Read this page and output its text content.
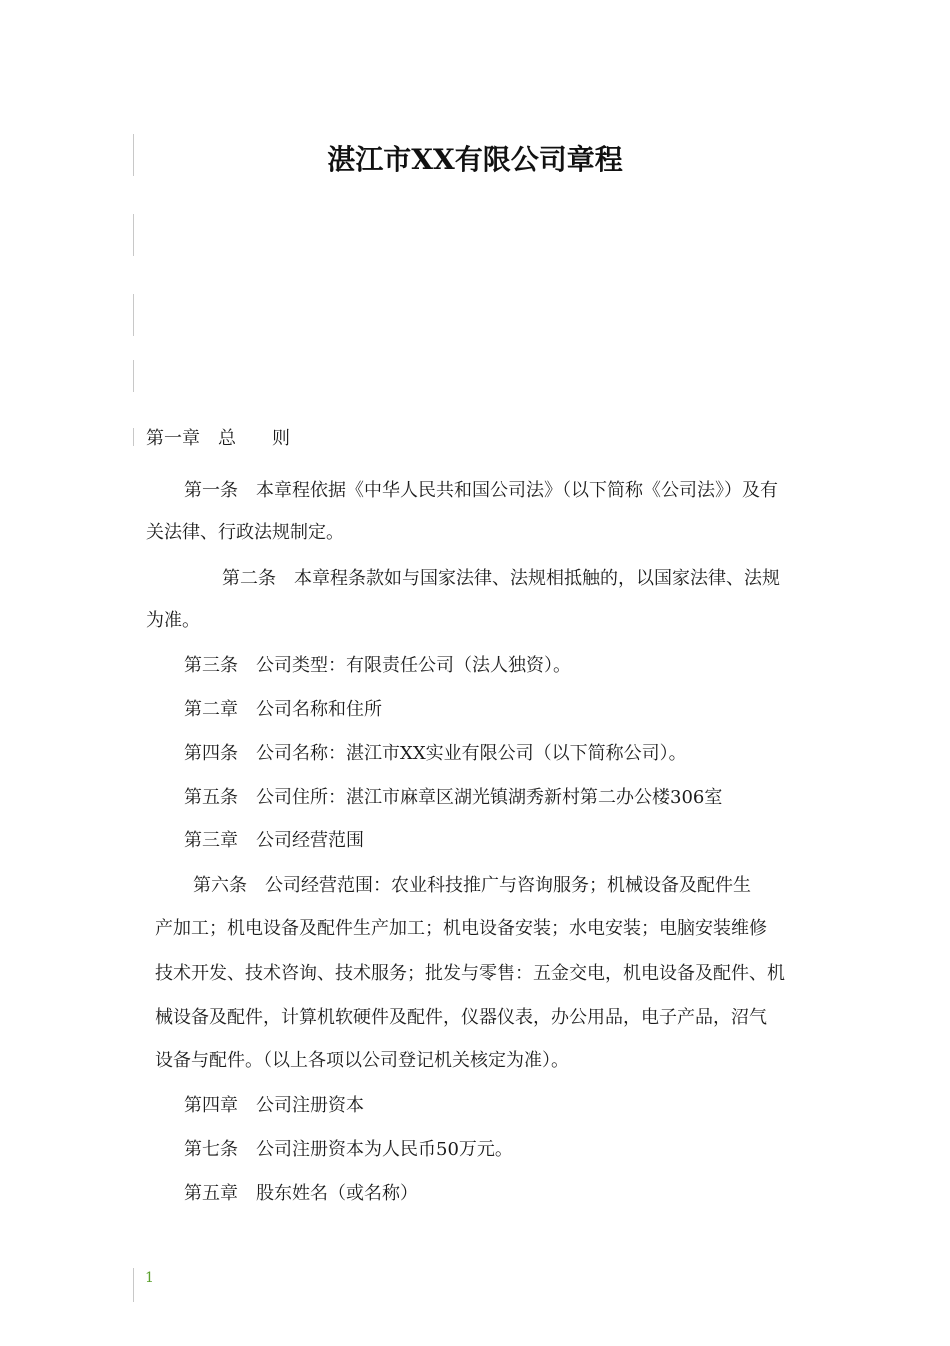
湛江市XX有限公司章程
第一章　总　　则
第一条　本章程依据《中华人民共和国公司法》（以下简称《公司法》）及有
关法律、行政法规制定。
第二条　本章程条款如与国家法律、法规相抵触的，以国家法律、法规
为准。
第三条　公司类型：有限责任公司（法人独资）。
第二章　公司名称和住所
第四条　公司名称：湛江市XX实业有限公司（以下简称公司）。
第五条　公司住所：湛江市麻章区湖光镇湖秀新村第二办公楼306室
第三章　公司经营范围
第六条　公司经营范围：农业科技推广与咨询服务；机械设备及配件生
产加工；机电设备及配件生产加工；机电设备安装；水电安装；电脑安装维修
技术开发、技术咨询、技术服务；批发与零售：五金交电，机电设备及配件、机
械设备及配件，计算机软硬件及配件，仪器仪表，办公用品，电子产品，沼气
设备与配件。（以上各项以公司登记机关核定为准）。
第四章　公司注册资本
第七条　公司注册资本为人民币50万元。
第五章　股东姓名（或名称）
1
